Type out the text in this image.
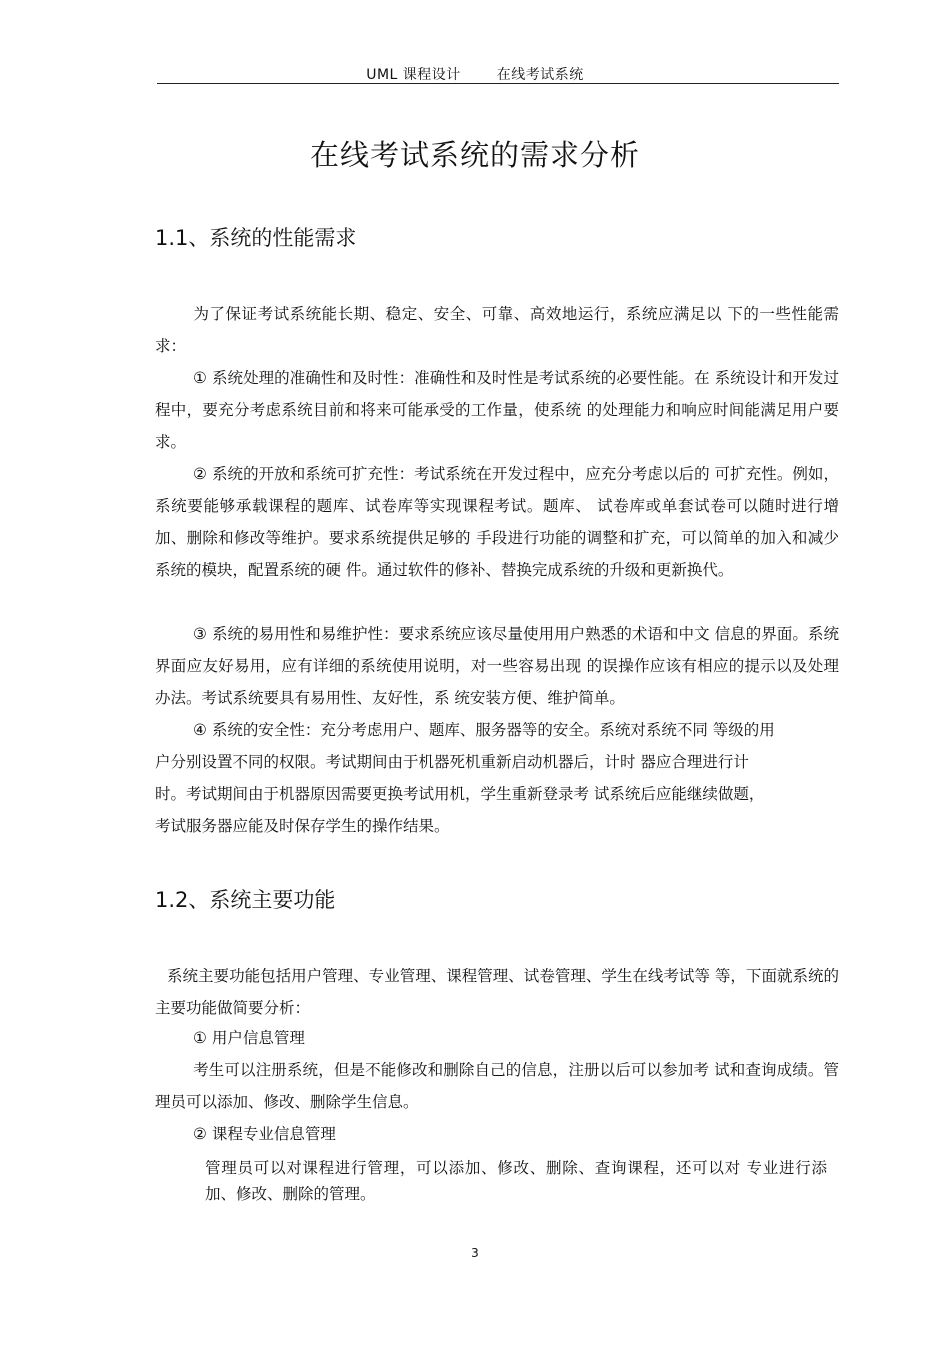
UML 课程设计	在线考试系统
在线考试系统的需求分析
1.1、系统的性能需求
为了保证考试系统能长期、稳定、安全、可靠、高效地运行，系统应满足以 下的一些性能需求：
① 系统处理的准确性和及时性：准确性和及时性是考试系统的必要性能。在 系统设计和开发过程中，要充分考虑系统目前和将来可能承受的工作量，使系统 的处理能力和响应时间能满足用户要求。
② 系统的开放和系统可扩充性：考试系统在开发过程中，应充分考虑以后的 可扩充性。例如，系统要能够承载课程的题库、试卷库等实现课程考试。题库、 试卷库或单套试卷可以随时进行增加、删除和修改等维护。要求系统提供足够的 手段进行功能的调整和扩充，可以简单的加入和减少系统的模块，配置系统的硬 件。通过软件的修补、替换完成系统的升级和更新换代。
③ 系统的易用性和易维护性：要求系统应该尽量使用用户熟悉的术语和中文 信息的界面。系统界面应友好易用，应有详细的系统使用说明，对一些容易出现 的误操作应该有相应的提示以及处理办法。考试系统要具有易用性、友好性，系 统安装方便、维护简单。
④ 系统的安全性：充分考虑用户、题库、服务器等的安全。系统对系统不同 等级的用
户分别设置不同的权限。考试期间由于机器死机重新启动机器后，计时 器应合理进行计
时。考试期间由于机器原因需要更换考试用机，学生重新登录考 试系统后应能继续做题，
考试服务器应能及时保存学生的操作结果。
1.2、系统主要功能
系统主要功能包括用户管理、专业管理、课程管理、试卷管理、学生在线考试等 等，下面就系统的主要功能做简要分析：
① 用户信息管理
考生可以注册系统，但是不能修改和删除自己的信息，注册以后可以参加考 试和查询成绩。管理员可以添加、修改、删除学生信息。
② 课程专业信息管理
管理员可以对课程进行管理，可以添加、修改、删除、查询课程，还可以对 专业进行添加、修改、删除的管理。
3
